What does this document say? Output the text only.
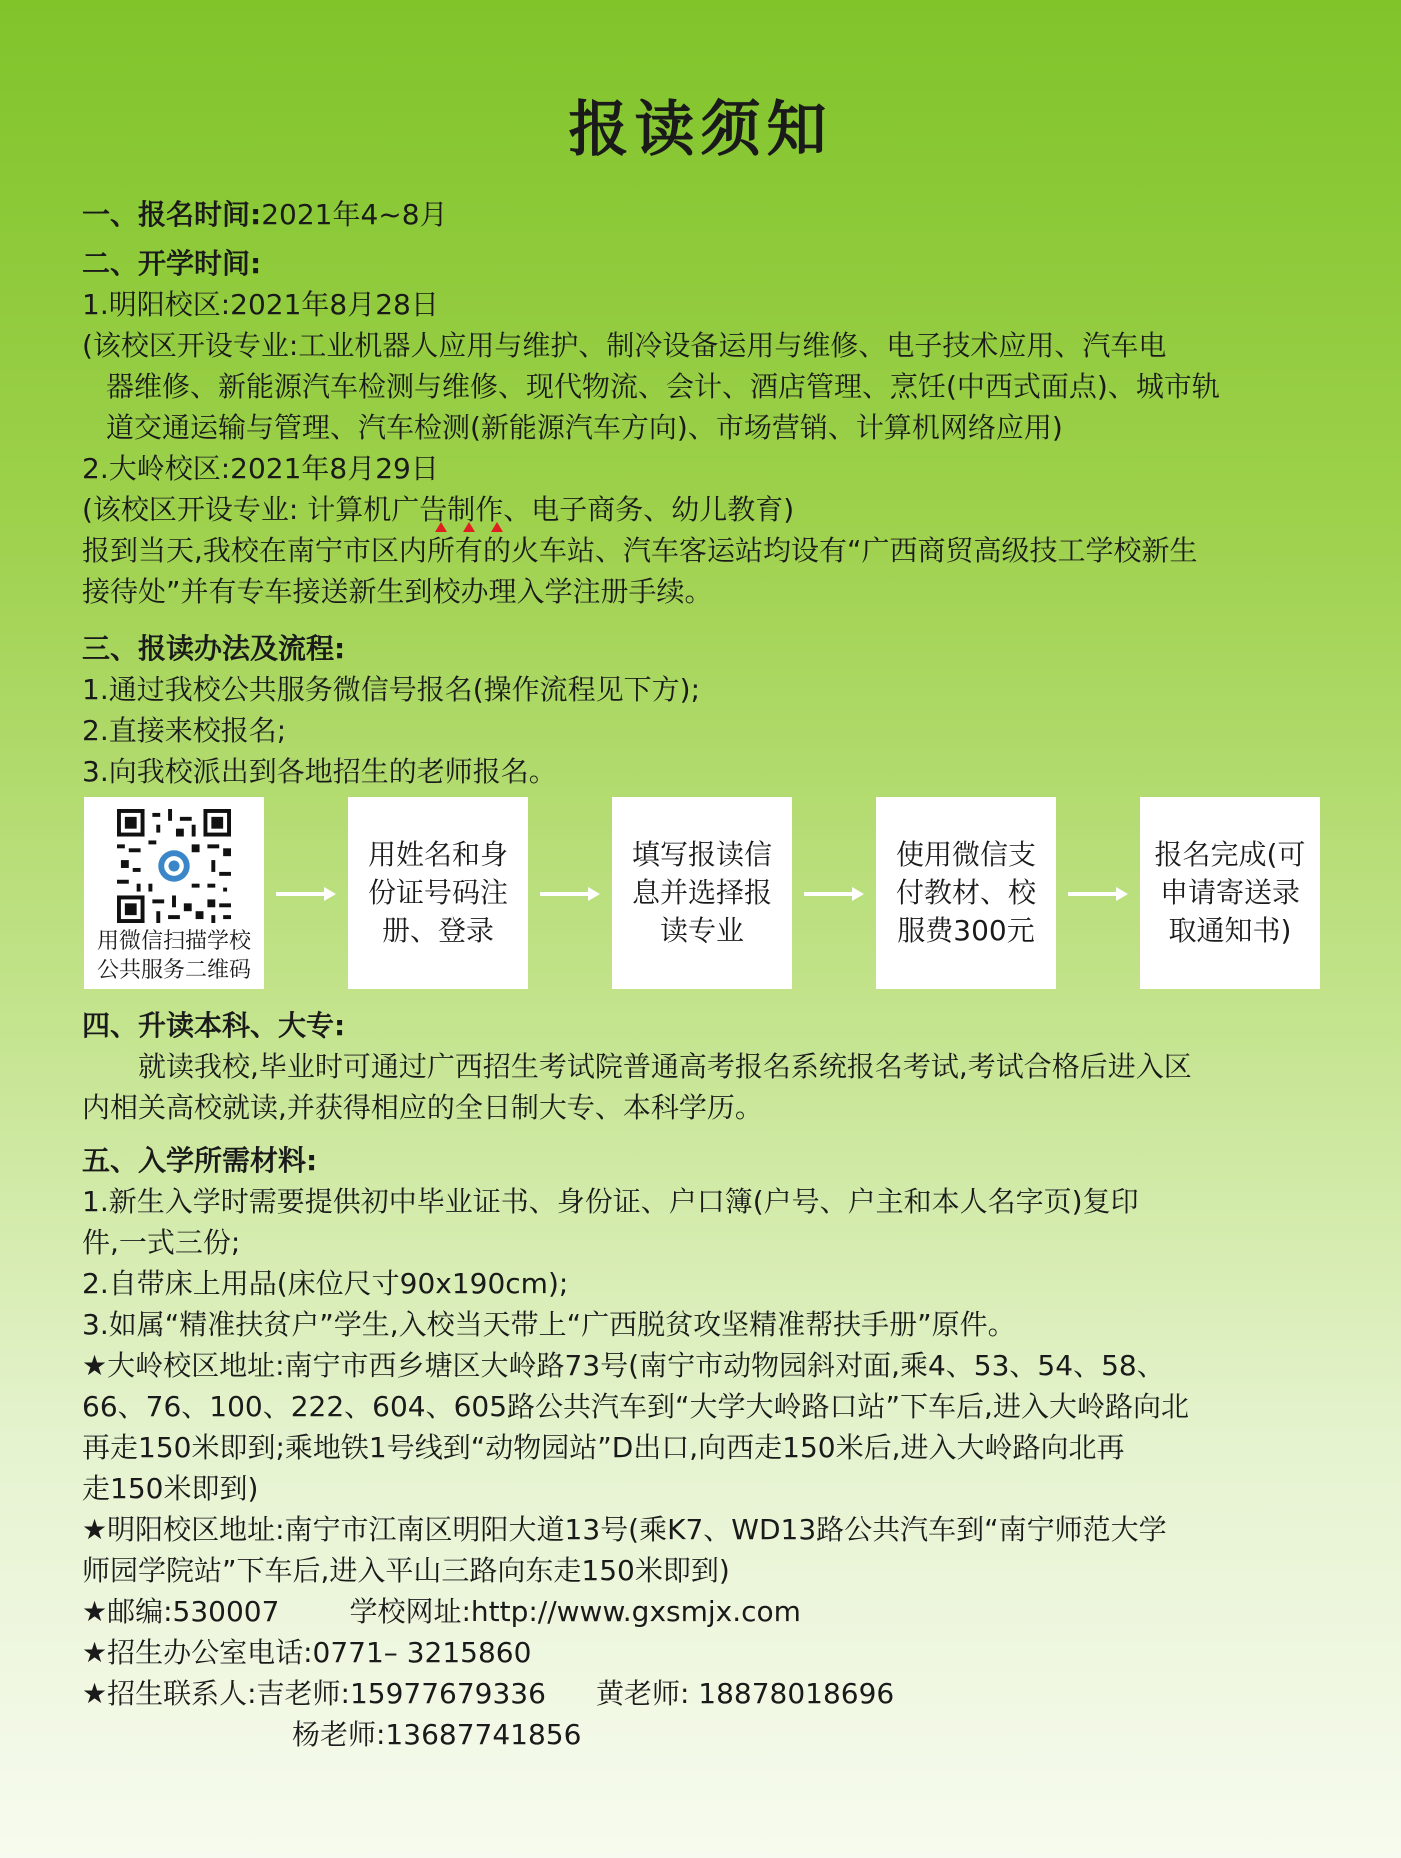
报读须知
一、报名时间:2021年4~8月
二、开学时间:
1.明阳校区:2021年8月28日
(该校区开设专业:工业机器人应用与维护、制冷设备运用与维修、电子技术应用、汽车电
器维修、新能源汽车检测与维修、现代物流、会计、酒店管理、烹饪(中西式面点)、城市轨
道交通运输与管理、汽车检测(新能源汽车方向)、市场营销、计算机网络应用)
2.大岭校区:2021年8月29日
(该校区开设专业: 计算机广告制作、电子商务、幼儿教育)
报到当天,我校在南宁市区内所有的火车站、汽车客运站均设有“广西商贸高级技工学校新生
接待处”并有专车接送新生到校办理入学注册手续。
三、报读办法及流程:
1.通过我校公共服务微信号报名(操作流程见下方);
2.直接来校报名;
3.向我校派出到各地招生的老师报名。
用微信扫描学校
公共服务二维码
用姓名和身份证号码注册、登录
填写报读信息并选择报读专业
使用微信支付教材、校服费300元
报名完成(可申请寄送录取通知书)
四、升读本科、大专:
就读我校,毕业时可通过广西招生考试院普通高考报名系统报名考试,考试合格后进入区
内相关高校就读,并获得相应的全日制大专、本科学历。
五、入学所需材料:
1.新生入学时需要提供初中毕业证书、身份证、户口簿(户号、户主和本人名字页)复印
件,一式三份;
2.自带床上用品(床位尺寸90x190cm);
3.如属“精准扶贫户”学生,入校当天带上“广西脱贫攻坚精准帮扶手册”原件。
★大岭校区地址:南宁市西乡塘区大岭路73号(南宁市动物园斜对面,乘4、53、54、58、
66、76、100、222、604、605路公共汽车到“大学大岭路口站”下车后,进入大岭路向北
再走150米即到;乘地铁1号线到“动物园站”D出口,向西走150米后,进入大岭路向北再
走150米即到)
★明阳校区地址:南宁市江南区明阳大道13号(乘K7、WD13路公共汽车到“南宁师范大学
师园学院站”下车后,进入平山三路向东走150米即到)
★邮编:530007	学校网址:http://www.gxsmjx.com
★招生办公室电话:0771– 3215860
★招生联系人:吉老师:15977679336 黄老师: 18878018696
杨老师:13687741856
